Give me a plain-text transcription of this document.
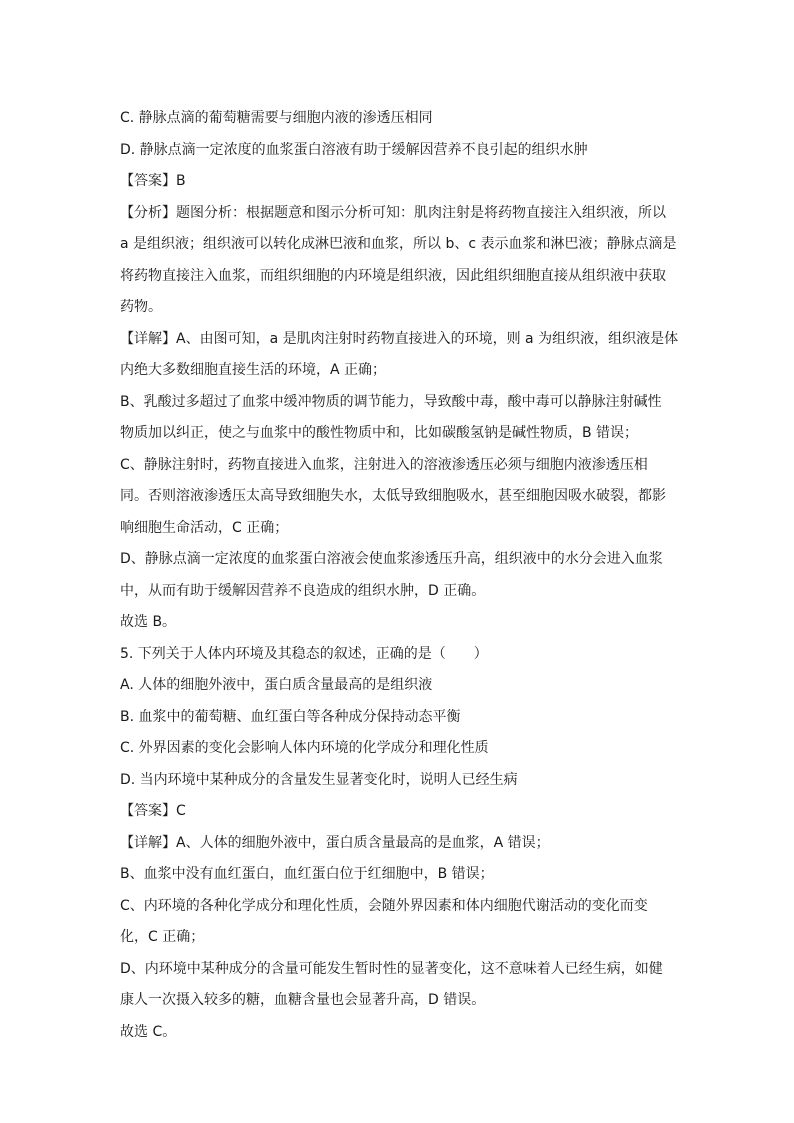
C. 静脉点滴的葡萄糖需要与细胞内液的渗透压相同

D. 静脉点滴一定浓度的血浆蛋白溶液有助于缓解因营养不良引起的组织水肿

【答案】B

【分析】题图分析：根据题意和图示分析可知：肌肉注射是将药物直接注入组织液，所以

a 是组织液；组织液可以转化成淋巴液和血浆，所以 b、c 表示血浆和淋巴液；静脉点滴是

将药物直接注入血浆，而组织细胞的内环境是组织液，因此组织细胞直接从组织液中获取

药物。

【详解】A、由图可知，a 是肌肉注射时药物直接进入的环境，则 a 为组织液，组织液是体

内绝大多数细胞直接生活的环境，A 正确；

B、乳酸过多超过了血浆中缓冲物质的调节能力，导致酸中毒，酸中毒可以静脉注射碱性

物质加以纠正，使之与血浆中的酸性物质中和，比如碳酸氢钠是碱性物质，B 错误；

C、静脉注射时，药物直接进入血浆，注射进入的溶液渗透压必须与细胞内液渗透压相

同。否则溶液渗透压太高导致细胞失水，太低导致细胞吸水，甚至细胞因吸水破裂，都影

响细胞生命活动，C 正确；

D、静脉点滴一定浓度的血浆蛋白溶液会使血浆渗透压升高，组织液中的水分会进入血浆

中，从而有助于缓解因营养不良造成的组织水肿，D 正确。

故选 B。

5. 下列关于人体内环境及其稳态的叙述，正确的是（　　）

A. 人体的细胞外液中，蛋白质含量最高的是组织液

B. 血浆中的葡萄糖、血红蛋白等各种成分保持动态平衡

C. 外界因素的变化会影响人体内环境的化学成分和理化性质

D. 当内环境中某种成分的含量发生显著变化时，说明人已经生病

【答案】C

【详解】A、人体的细胞外液中，蛋白质含量最高的是血浆，A 错误；

B、血浆中没有血红蛋白，血红蛋白位于红细胞中，B 错误；

C、内环境的各种化学成分和理化性质，会随外界因素和体内细胞代谢活动的变化而变

化，C 正确；

D、内环境中某种成分的含量可能发生暂时性的显著变化，这不意味着人已经生病，如健

康人一次摄入较多的糖，血糖含量也会显著升高，D 错误。

故选 C。
